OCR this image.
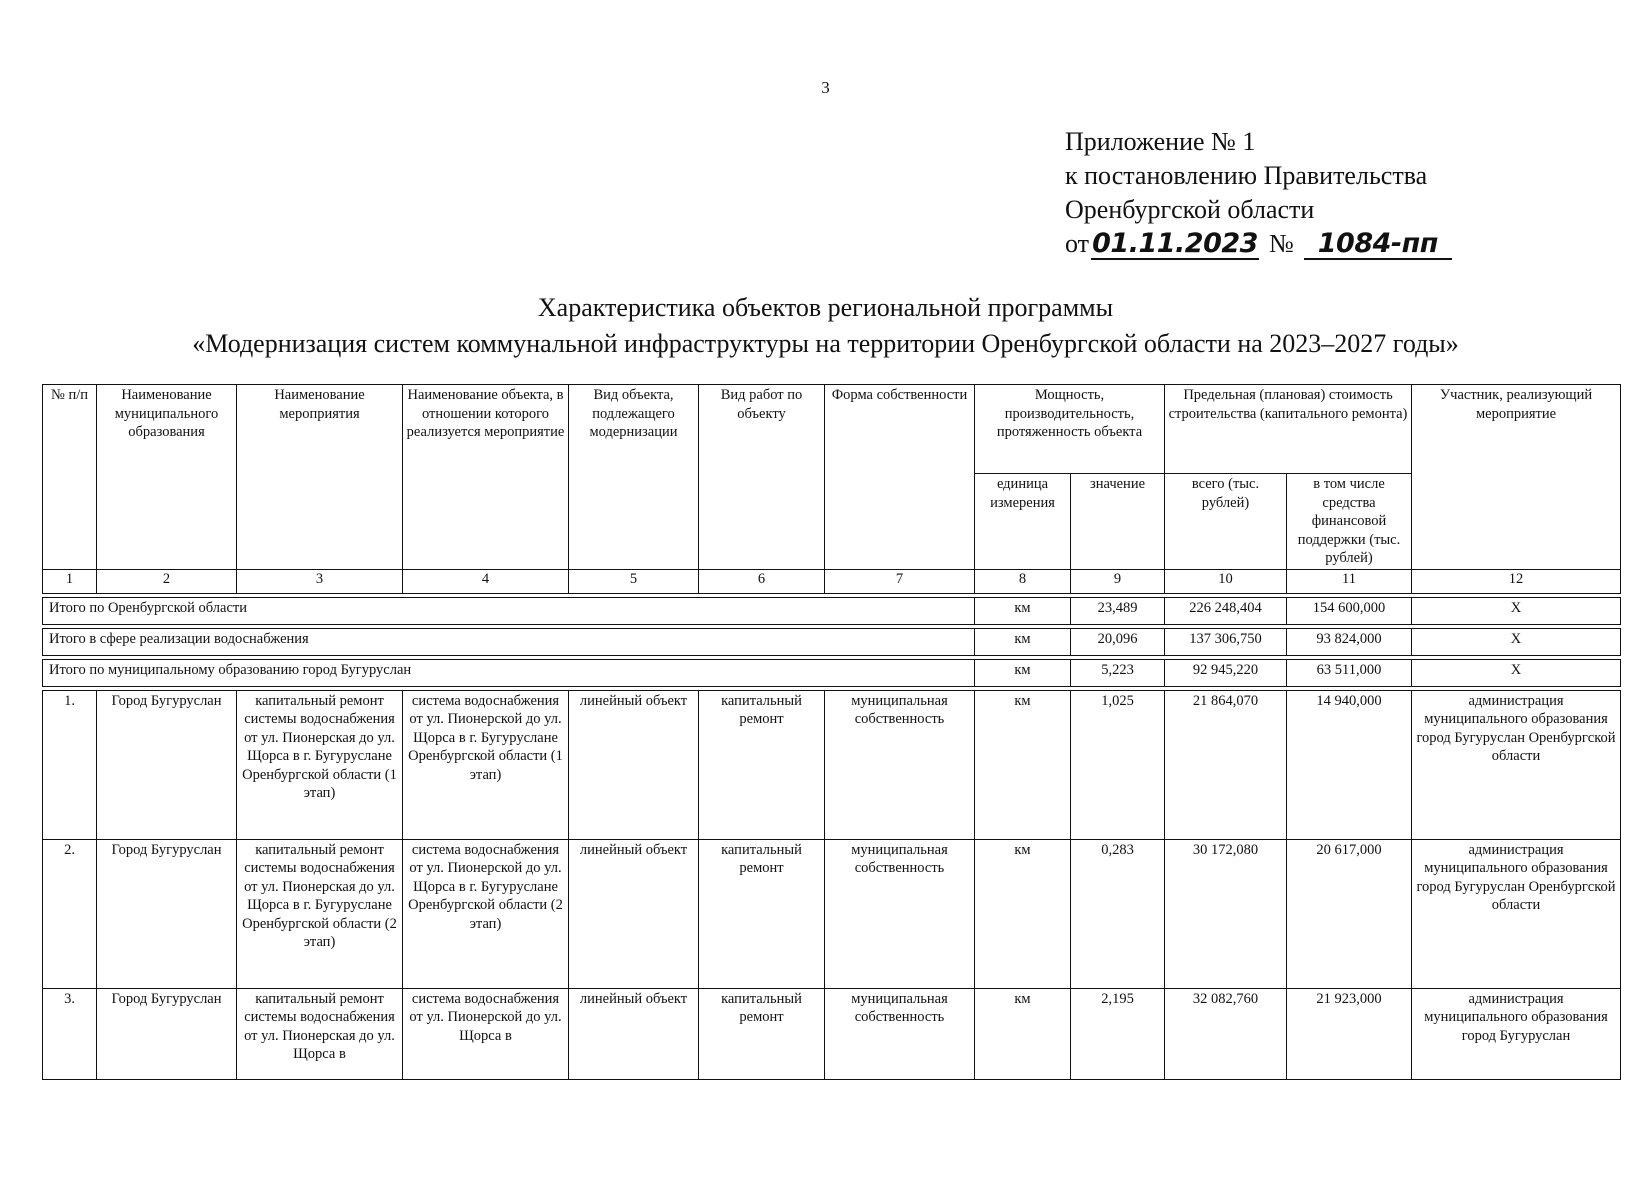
3
Приложение № 1
к постановлению Правительства
Оренбургской области
от 01.11.2023 № 1084-пп
Характеристика объектов региональной программы
«Модернизация систем коммунальной инфраструктуры на территории Оренбургской области на 2023–2027 годы»
№ п/п	Наименование муниципального образования	Наименование мероприятия	Наименование объекта, в отношении которого реализуется мероприятие	Вид объекта, подлежащего модернизации	Вид работ по объекту	Форма собственности	Мощность, производительность, протяженность объекта		Предельная (плановая) стоимость строительства (капитального ремонта)		Участник, реализующий мероприятие
							единица измерения	значение	всего (тыс. рублей)	в том числе средства финансовой поддержки (тыс. рублей)	
1	2	3	4	5	6	7	8	9	10	11	12

Итого по Оренбургской области							км	23,489	226 248,404	154 600,000	Х

Итого в сфере реализации водоснабжения							км	20,096	137 306,750	93 824,000	Х

Итого по муниципальному образованию город Бугуруслан							км	5,223	92 945,220	63 511,000	Х

1.	Город Бугуруслан	капитальный ремонт системы водоснабжения от ул. Пионерская до ул. Щорса в г. Бугуруслане Оренбургской области (1 этап)	система водоснабжения от ул. Пионерской до ул. Щорса в г. Бугуруслане Оренбургской области (1 этап)	линейный объект	капитальный ремонт	муниципальная собственность	км	1,025	21 864,070	14 940,000	администрация муниципального образования город Бугуруслан Оренбургской области
2.	Город Бугуруслан	капитальный ремонт системы водоснабжения от ул. Пионерская до ул. Щорса в г. Бугуруслане Оренбургской области (2 этап)	система водоснабжения от ул. Пионерской до ул. Щорса в г. Бугуруслане Оренбургской области (2 этап)	линейный объект	капитальный ремонт	муниципальная собственность	км	0,283	30 172,080	20 617,000	администрация муниципального образования город Бугуруслан Оренбургской области
3.	Город Бугуруслан	капитальный ремонт системы водоснабжения от ул. Пионерская до ул. Щорса в	система водоснабжения от ул. Пионерской до ул. Щорса в	линейный объект	капитальный ремонт	муниципальная собственность	км	2,195	32 082,760	21 923,000	администрация муниципального образования город Бугуруслан
